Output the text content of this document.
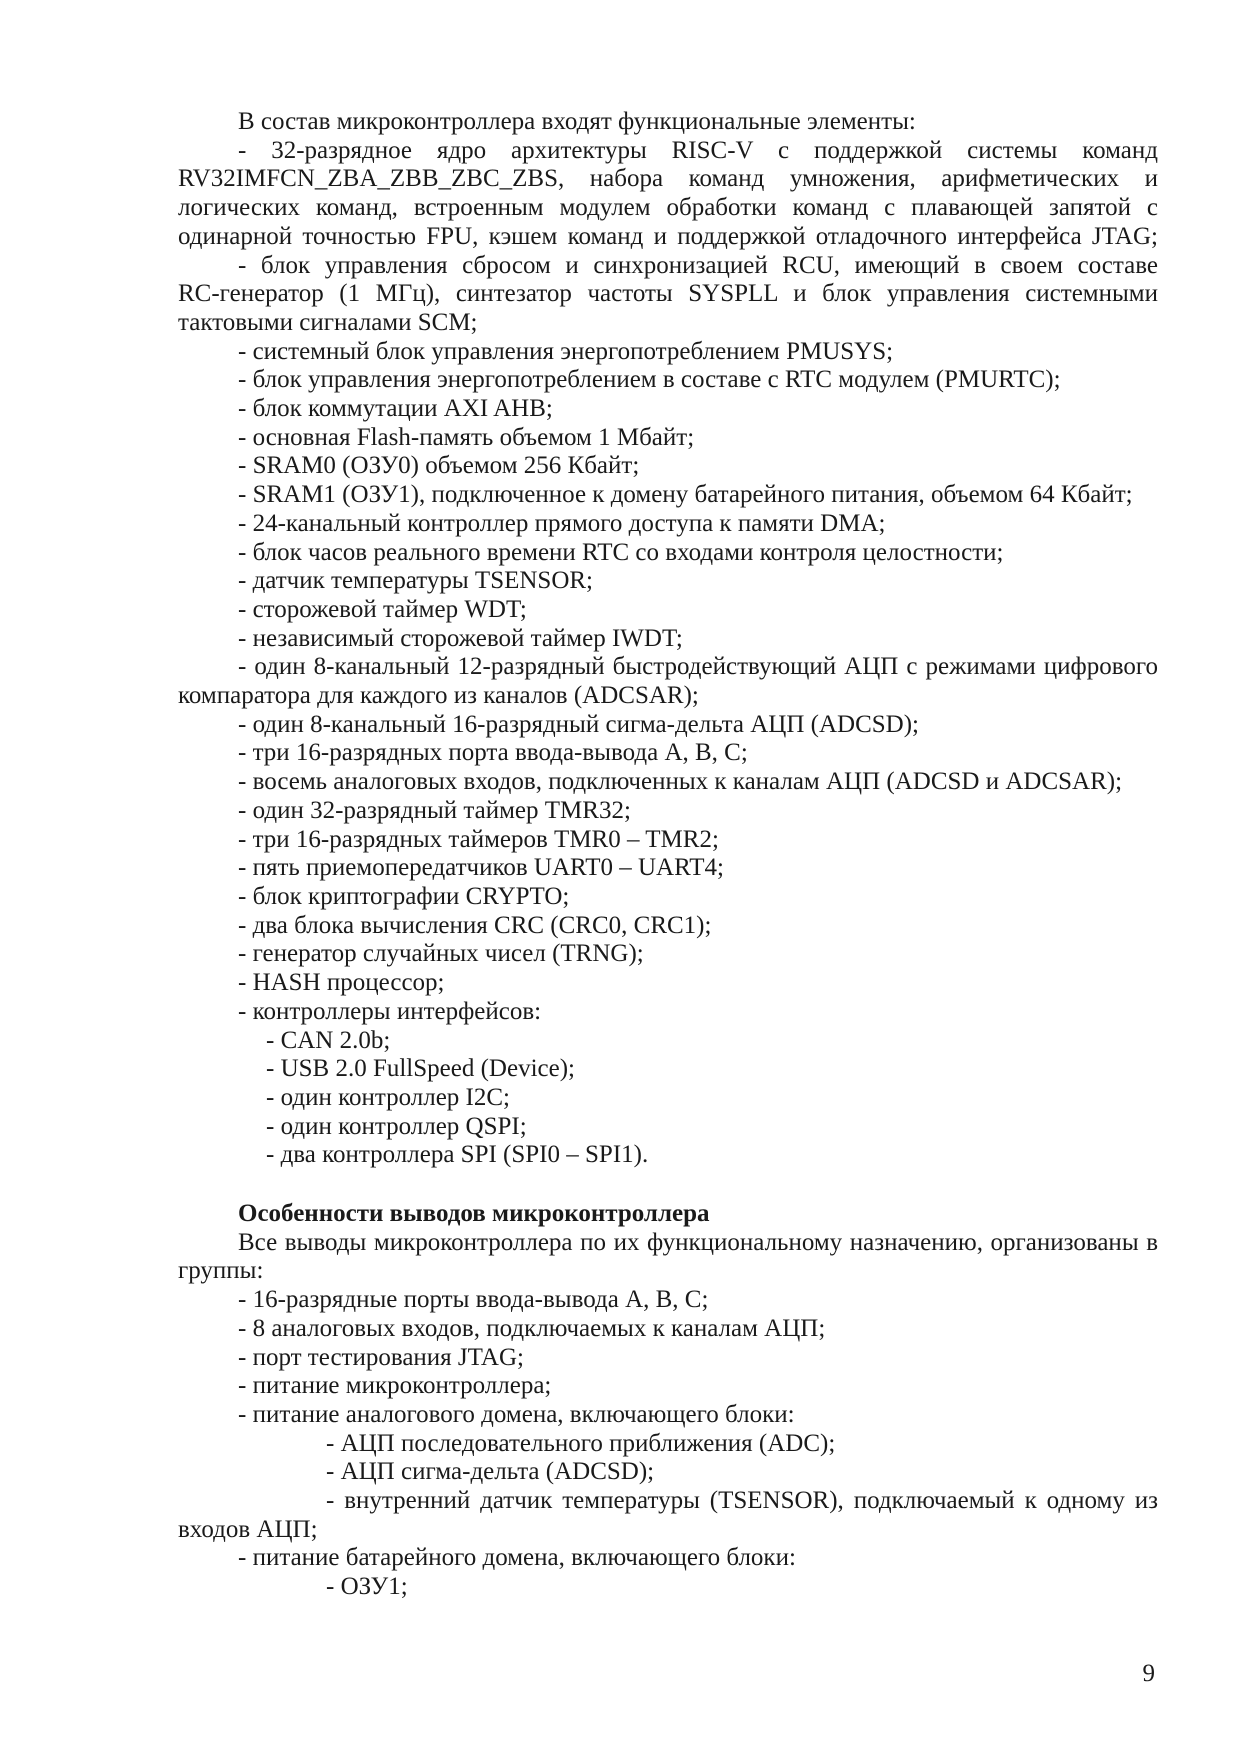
В состав микроконтроллера входят функциональные элементы:

- 32-разрядное ядро архитектуры RISC-V с поддержкой системы команд

RV32IMFCN_ZBA_ZBB_ZBC_ZBS, набора команд умножения, арифметических и

логических команд, встроенным модулем обработки команд с плавающей запятой с

одинарной точностью FPU, кэшем команд и поддержкой отладочного интерфейса JTAG;

- блок управления сбросом и синхронизацией RCU, имеющий в своем составе

RC-генератор (1 МГц), синтезатор частоты SYSPLL и блок управления системными

тактовыми сигналами SCM;

- системный блок управления энергопотреблением PMUSYS;

- блок управления энергопотреблением в составе с RTC модулем (PMURTC);

- блок коммутации AXI AHB;

- основная Flash-память объемом 1 Мбайт;

- SRAM0 (ОЗУ0) объемом 256 Кбайт;

- SRAM1 (ОЗУ1), подключенное к домену батарейного питания, объемом 64 Кбайт;

- 24-канальный контроллер прямого доступа к памяти DMA;

- блок часов реального времени RTC со входами контроля целостности;

- датчик температуры TSENSOR;

- сторожевой таймер WDT;

- независимый сторожевой таймер IWDT;

- один 8-канальный 12-разрядный быстродействующий АЦП с режимами цифрового

компаратора для каждого из каналов (ADCSAR);

- один 8-канальный 16-разрядный сигма-дельта АЦП (ADCSD);

- три 16-разрядных порта ввода-вывода A, B, C;

- восемь аналоговых входов, подключенных к каналам АЦП (ADCSD и ADCSAR);

- один 32-разрядный таймер TMR32;

- три 16-разрядных таймеров TMR0 – TMR2;

- пять приемопередатчиков UART0 – UART4;

- блок криптографии CRYPTO;

- два блока вычисления CRC (CRC0, CRC1);

- генератор случайных чисел (TRNG);

- HASH процессор;

- контроллеры интерфейсов:

- CAN 2.0b;

- USB 2.0 FullSpeed (Device);

- один контроллер I2C;

- один контроллер QSPI;

- два контроллера SPI (SPI0 – SPI1).

Особенности выводов микроконтроллера

Все выводы микроконтроллера по их функциональному назначению, организованы в

группы:

- 16-разрядные порты ввода-вывода A, B, C;

- 8 аналоговых входов, подключаемых к каналам АЦП;

- порт тестирования JTAG;

- питание микроконтроллера;

- питание аналогового домена, включающего блоки:

- АЦП последовательного приближения (ADC);

- АЦП сигма-дельта (ADCSD);

- внутренний датчик температуры (TSENSOR), подключаемый к одному из

входов АЦП;

- питание батарейного домена, включающего блоки:

- ОЗУ1;

9
